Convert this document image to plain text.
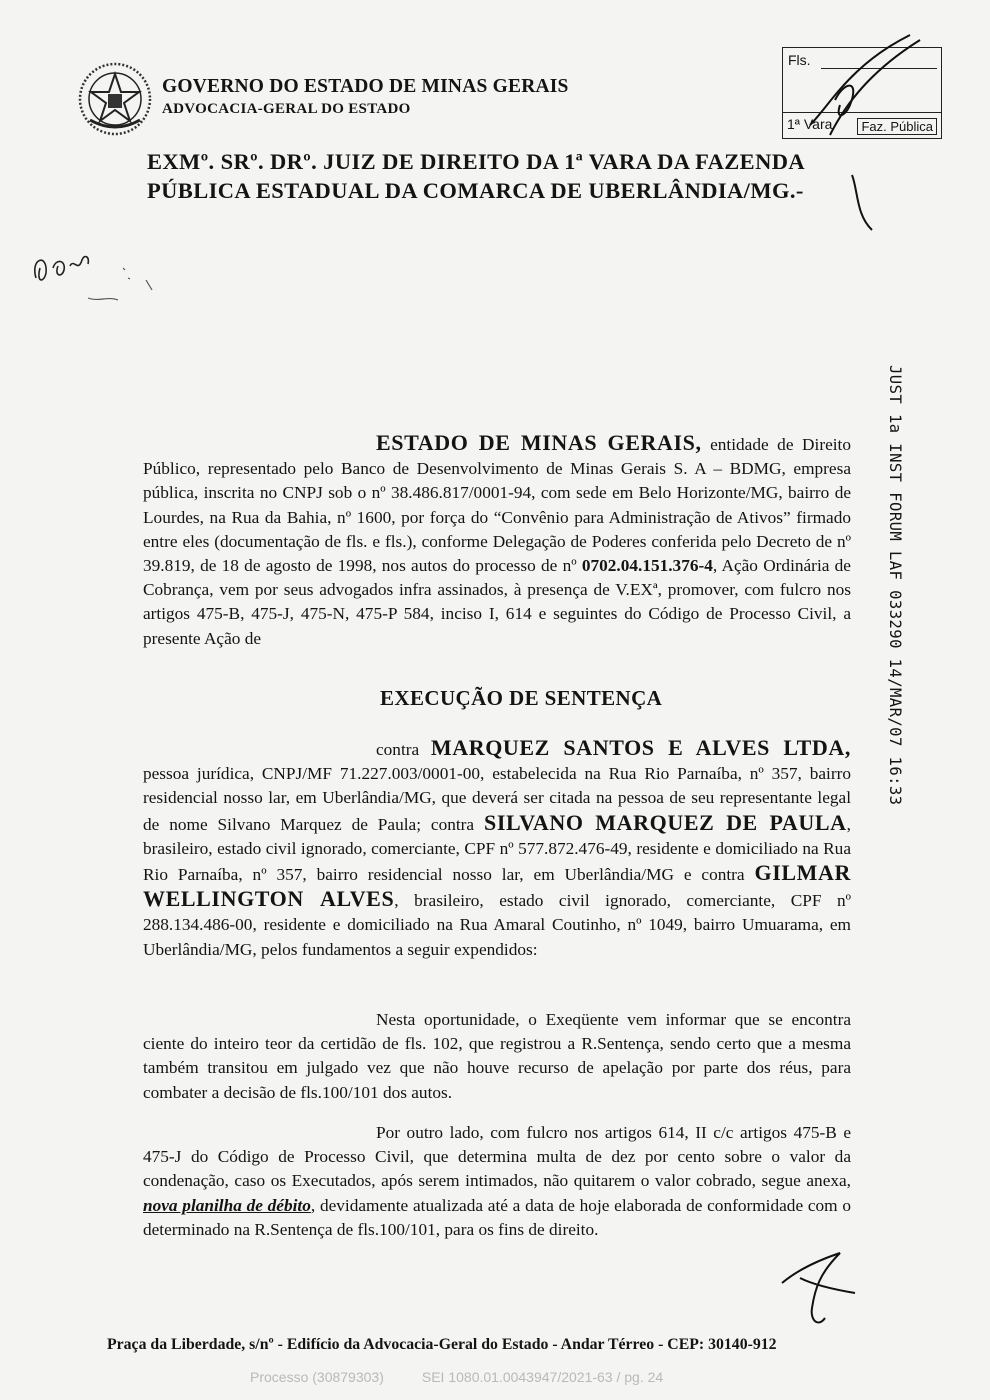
GOVERNO DO ESTADO DE MINAS GERAIS
ADVOCACIA-GERAL DO ESTADO
Fls.
1ª Vara	Faz. Pública
EXMº. SRº. DRº. JUIZ DE DIREITO DA 1ª VARA DA FAZENDA
PÚBLICA ESTADUAL DA COMARCA DE UBERLÂNDIA/MG.-
JUST 1a INST FORUM LAF 033290 14/MAR/07 16:33

ESTADO DE MINAS GERAIS, entidade de Direito Público, representado pelo Banco de Desenvolvimento de Minas Gerais S. A – BDMG, empresa pública, inscrita no CNPJ sob o nº 38.486.817/0001-94, com sede em Belo Horizonte/MG, bairro de Lourdes, na Rua da Bahia, nº 1600, por força do “Convênio para Administração de Ativos” firmado entre eles (documentação de fls. e fls.), conforme Delegação de Poderes conferida pelo Decreto de nº 39.819, de 18 de agosto de 1998, nos autos do processo de nº 0702.04.151.376-4, Ação Ordinária de Cobrança, vem por seus advogados infra assinados, à presença de V.EXª, promover, com fulcro nos artigos 475-B, 475-J, 475-N, 475-P 584, inciso I, 614 e seguintes do Código de Processo Civil, a presente Ação de

EXECUÇÃO DE SENTENÇA

contra MARQUEZ SANTOS E ALVES LTDA, pessoa jurídica, CNPJ/MF 71.227.003/0001-00, estabelecida na Rua Rio Parnaíba, nº 357, bairro residencial nosso lar, em Uberlândia/MG, que deverá ser citada na pessoa de seu representante legal de nome Silvano Marquez de Paula; contra SILVANO MARQUEZ DE PAULA, brasileiro, estado civil ignorado, comerciante, CPF nº 577.872.476-49, residente e domiciliado na Rua Rio Parnaíba, nº 357, bairro residencial nosso lar, em Uberlândia/MG e contra GILMAR WELLINGTON ALVES, brasileiro, estado civil ignorado, comerciante, CPF nº 288.134.486-00, residente e domiciliado na Rua Amaral Coutinho, nº 1049, bairro Umuarama, em Uberlândia/MG, pelos fundamentos a seguir expendidos:

Nesta oportunidade, o Exeqüente vem informar que se encontra ciente do inteiro teor da certidão de fls. 102, que registrou a R.Sentença, sendo certo que a mesma também transitou em julgado vez que não houve recurso de apelação por parte dos réus, para combater a decisão de fls.100/101 dos autos.

Por outro lado, com fulcro nos artigos 614, II c/c artigos 475-B e 475-J do Código de Processo Civil, que determina multa de dez por cento sobre o valor da condenação, caso os Executados, após serem intimados, não quitarem o valor cobrado, segue anexa, nova planilha de débito, devidamente atualizada até a data de hoje elaborada de conformidade com o determinado na R.Sentença de fls.100/101, para os fins de direito.

Praça da Liberdade, s/nº - Edifício da Advocacia-Geral do Estado - Andar Térreo - CEP: 30140-912
Processo (30879303)	SEI 1080.01.0043947/2021-63 / pg. 24
